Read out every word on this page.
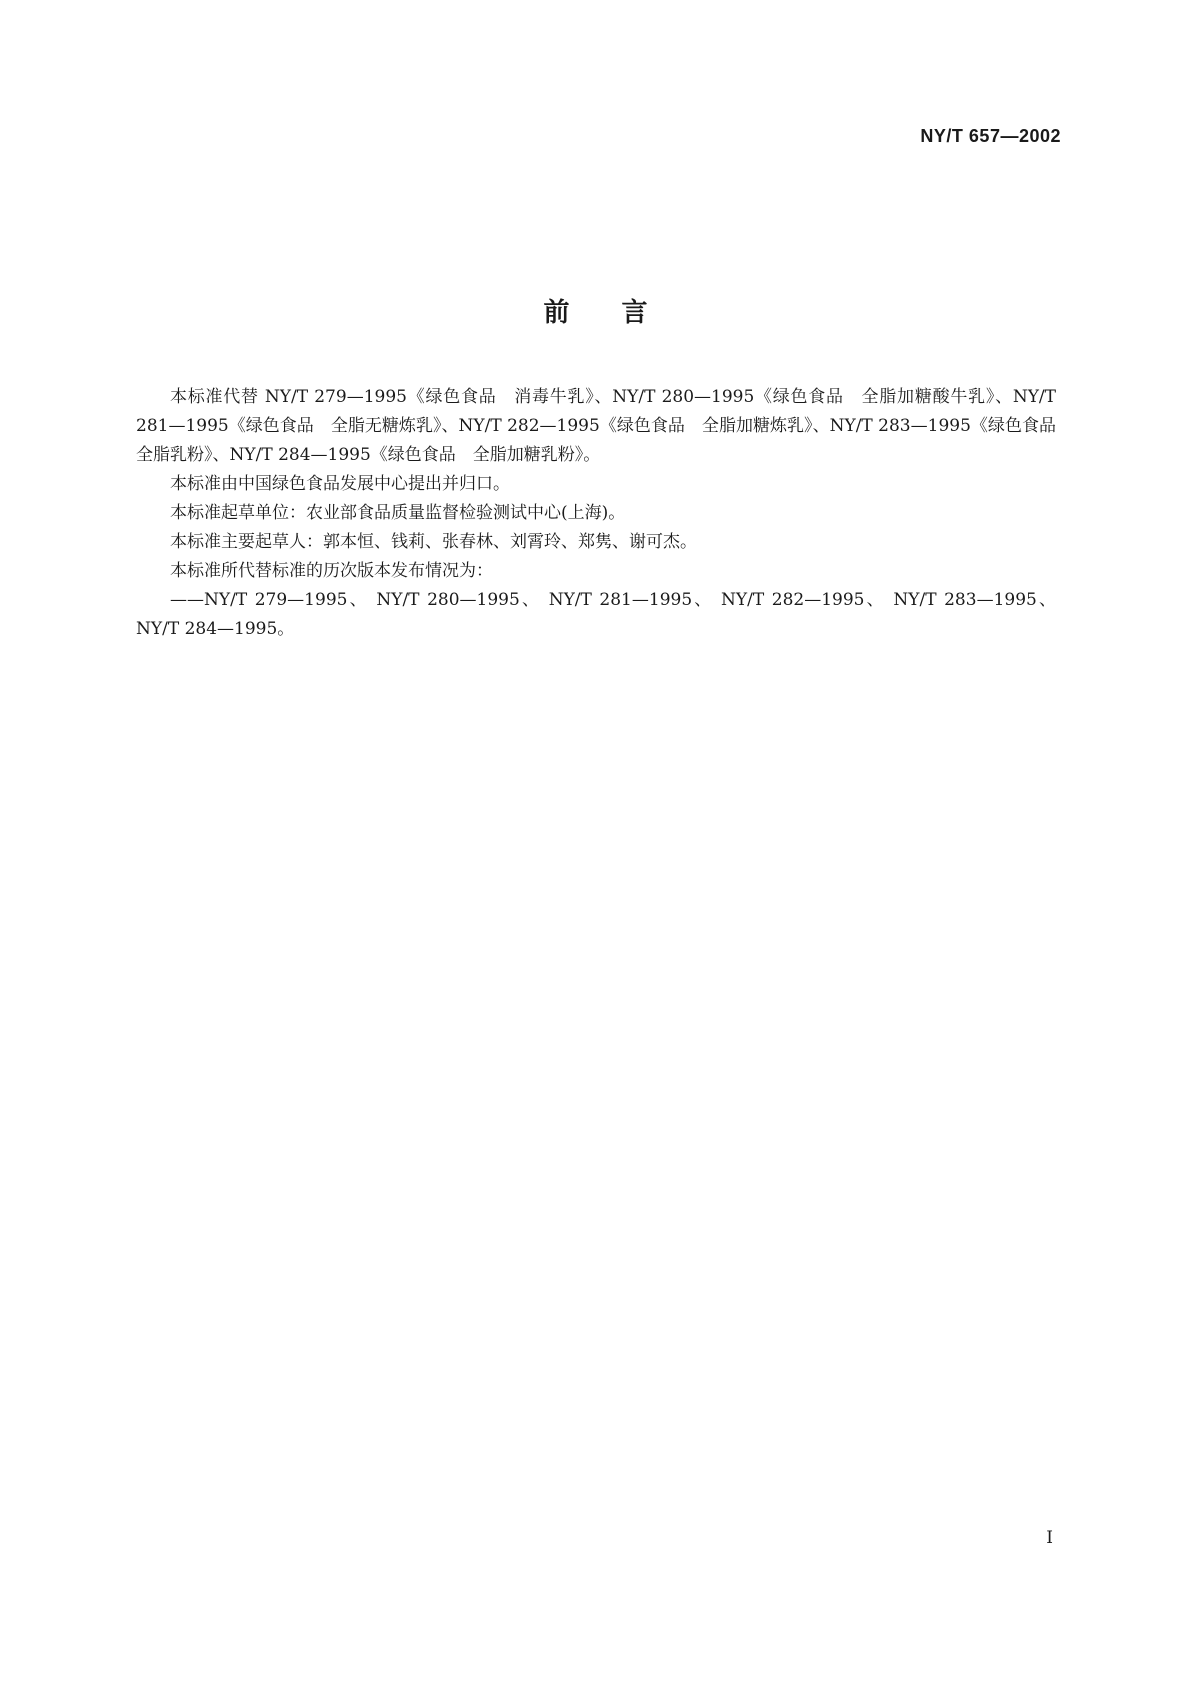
NY/T 657—2002
前　　言

本标准代替 NY/T 279—1995《绿色食品　消毒牛乳》、NY/T 280—1995《绿色食品　全脂加糖酸牛乳》、NY/T 281—1995《绿色食品　全脂无糖炼乳》、NY/T 282—1995《绿色食品　全脂加糖炼乳》、NY/T 283—1995《绿色食品　全脂乳粉》、NY/T 284—1995《绿色食品　全脂加糖乳粉》。

本标准由中国绿色食品发展中心提出并归口。

本标准起草单位：农业部食品质量监督检验测试中心(上海)。

本标准主要起草人：郭本恒、钱莉、张春林、刘霄玲、郑隽、谢可杰。

本标准所代替标准的历次版本发布情况为：

——NY/T 279—1995、 NY/T 280—1995、 NY/T 281—1995、 NY/T 282—1995、 NY/T 283—1995、NY/T 284—1995。

I
